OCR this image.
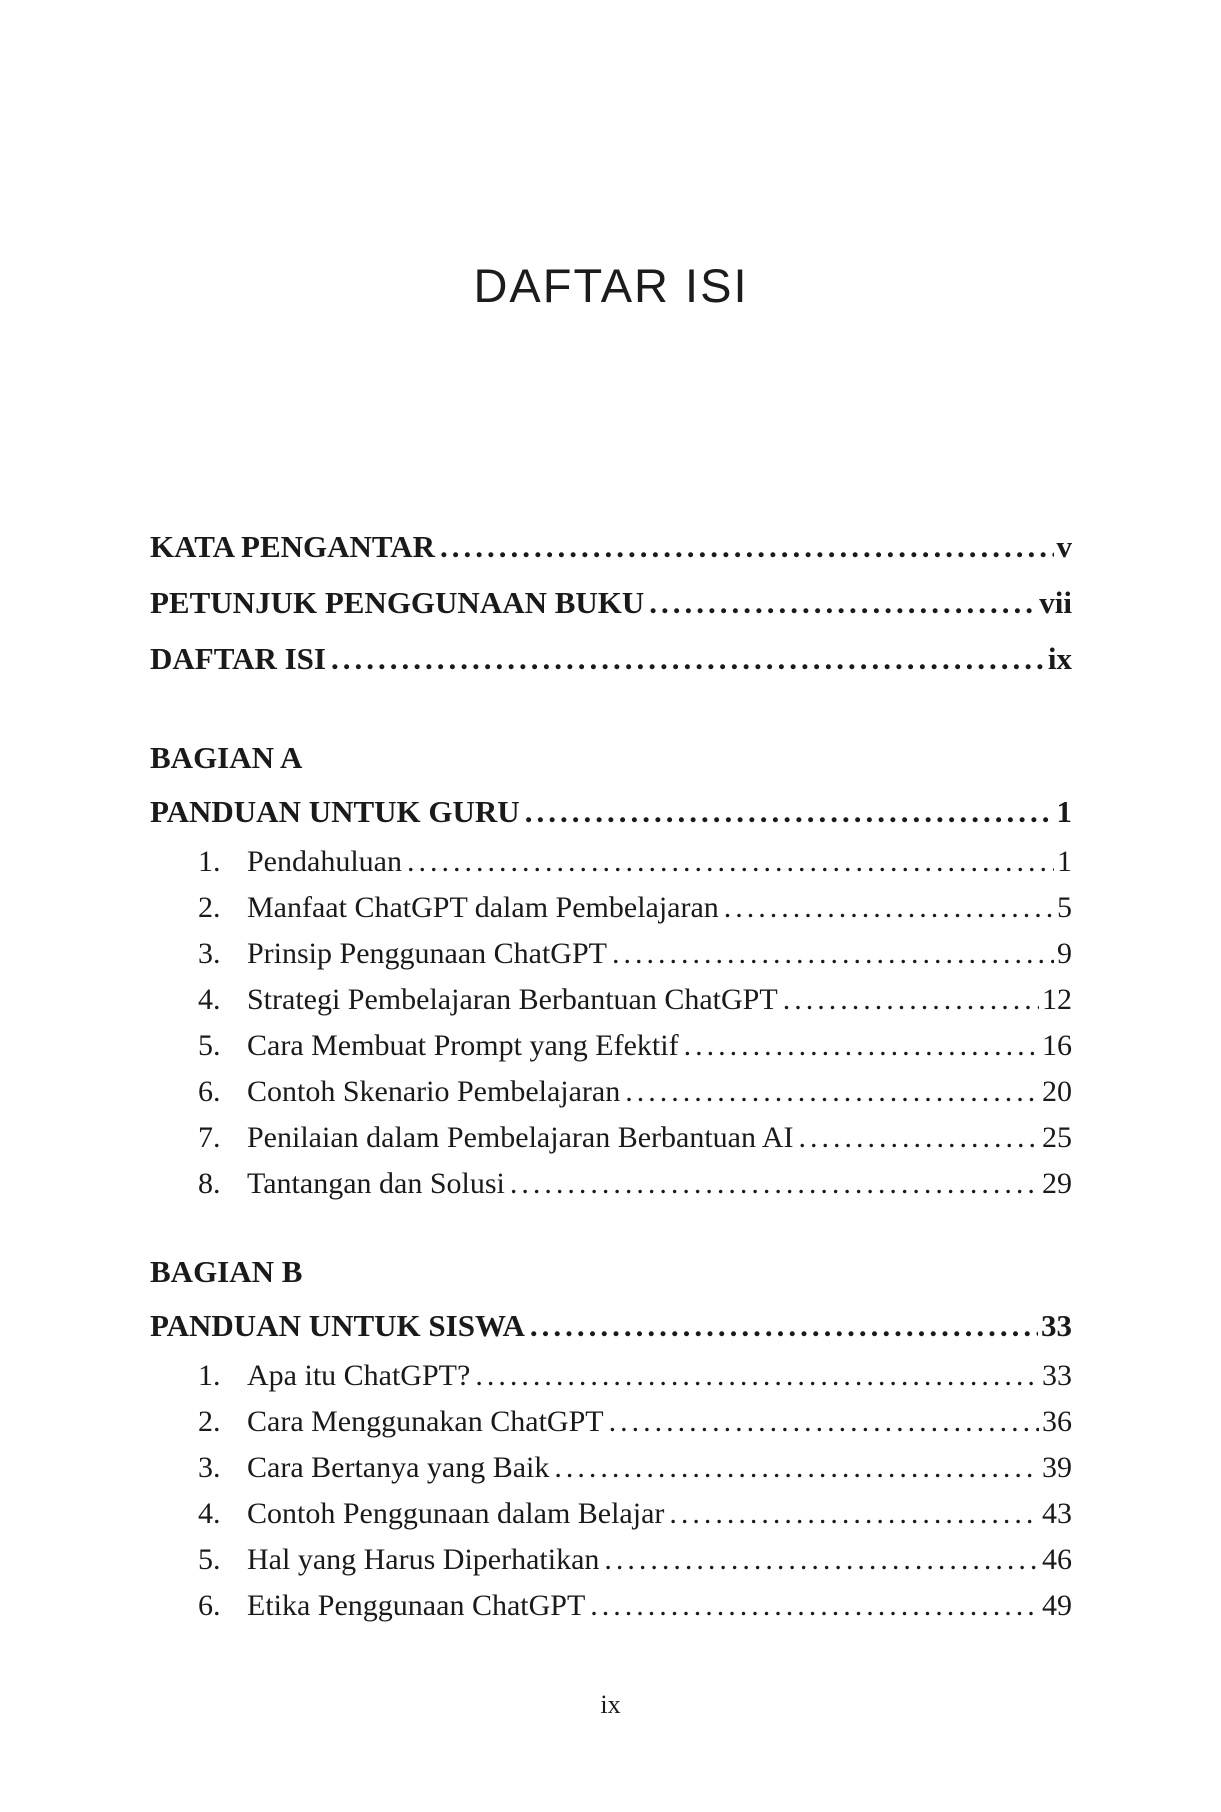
DAFTAR ISI
KATA PENGANTAR .....	v
PETUNJUK PENGGUNAAN BUKU .....	vii
DAFTAR ISI .....	ix
BAGIAN A
PANDUAN UNTUK GURU .....	1
1. Pendahuluan .....	1
2. Manfaat ChatGPT dalam Pembelajaran .....	5
3. Prinsip Penggunaan ChatGPT .....	9
4. Strategi Pembelajaran Berbantuan ChatGPT .....	12
5. Cara Membuat Prompt yang Efektif .....	16
6. Contoh Skenario Pembelajaran .....	20
7. Penilaian dalam Pembelajaran Berbantuan AI .....	25
8. Tantangan dan Solusi .....	29
BAGIAN B
PANDUAN UNTUK SISWA .....	33
1. Apa itu ChatGPT? .....	33
2. Cara Menggunakan ChatGPT .....	36
3. Cara Bertanya yang Baik .....	39
4. Contoh Penggunaan dalam Belajar .....	43
5. Hal yang Harus Diperhatikan .....	46
6. Etika Penggunaan ChatGPT .....	49
ix
